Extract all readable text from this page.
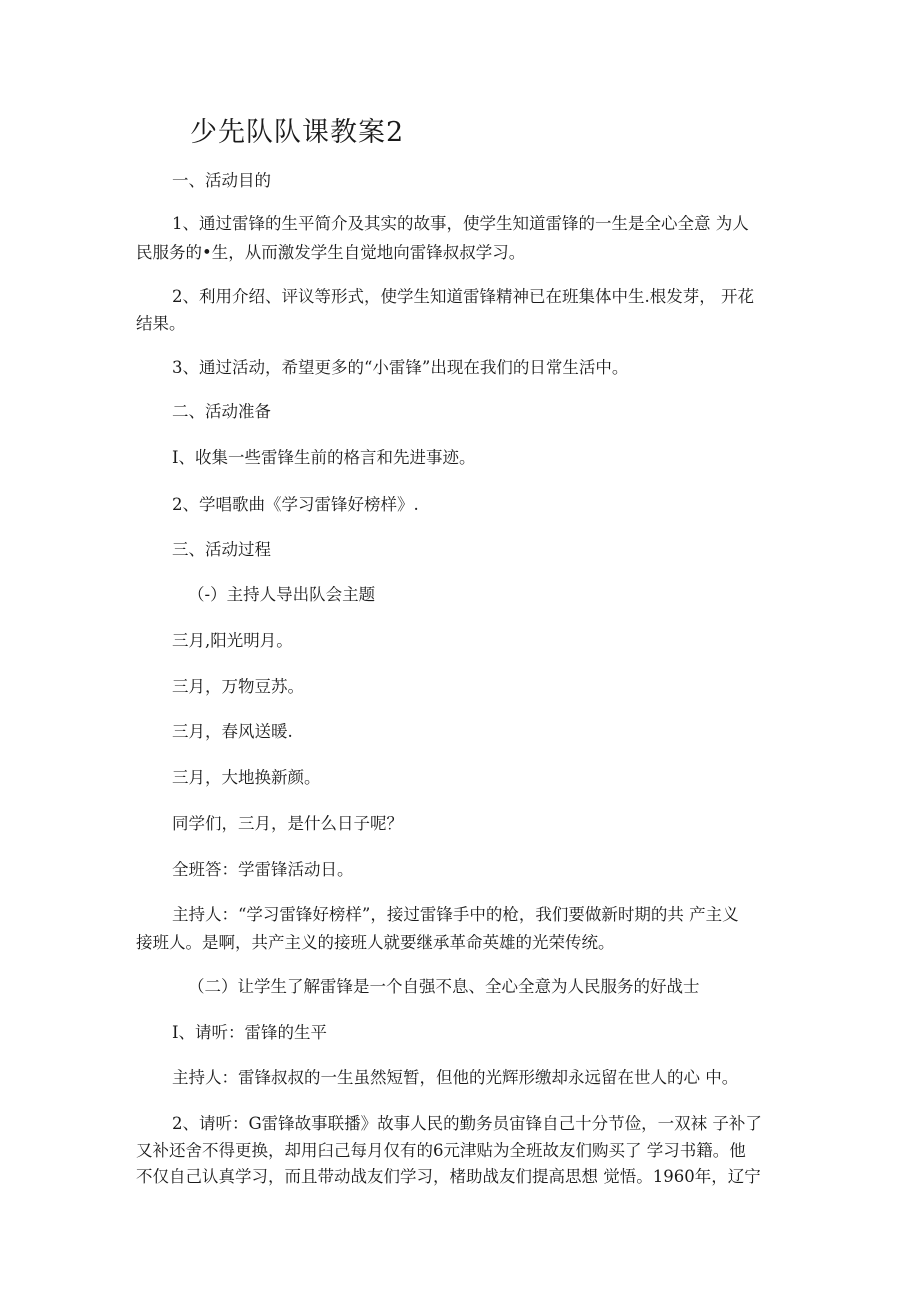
少先队队课教案2

一、活动目的

1、通过雷锋的生平简介及其实的故事，使学生知道雷锋的一生是全心全意 为人

民服务的•生，从而激发学生自觉地向雷锋叔叔学习。

2、利用介绍、评议等形式，使学生知道雷锋精神已在班集体中生.根发芽， 开花

结果。

3、通过活动，希望更多的“小雷锋”出现在我们的日常生活中。

二、活动准备

I、收集一些雷锋生前的格言和先进事迹。

2、学唱歌曲《学习雷锋好榜样》.

三、活动过程

（-）主持人导出队会主题

三月,阳光明月。

三月，万物豆苏。

三月，春风送暖.

三月，大地换新颜。

同学们，三月，是什么日子呢？

全班答：学雷锋活动日。

主持人：“学习雷锋好榜样”，接过雷锋手中的枪，我们要做新时期的共 产主义

接班人。是啊，共产主义的接班人就要继承革命英雄的光荣传统。

（二）让学生了解雷锋是一个自强不息、全心全意为人民服务的好战士

I、请听：雷锋的生平

主持人：雷锋叔叔的一生虽然短暂，但他的光辉形缴却永远留在世人的心 中。

2、请听：G雷锋故事联播》故事人民的勤务员宙锋自己十分节俭，一双袜 子补了

又补还舍不得更换，却用臼己每月仅有的6元津贴为全班故友们购买了 学习书籍。他

不仅自己认真学习，而且带动战友们学习，楮助战友们提高思想 觉悟。1960年，辽宁
